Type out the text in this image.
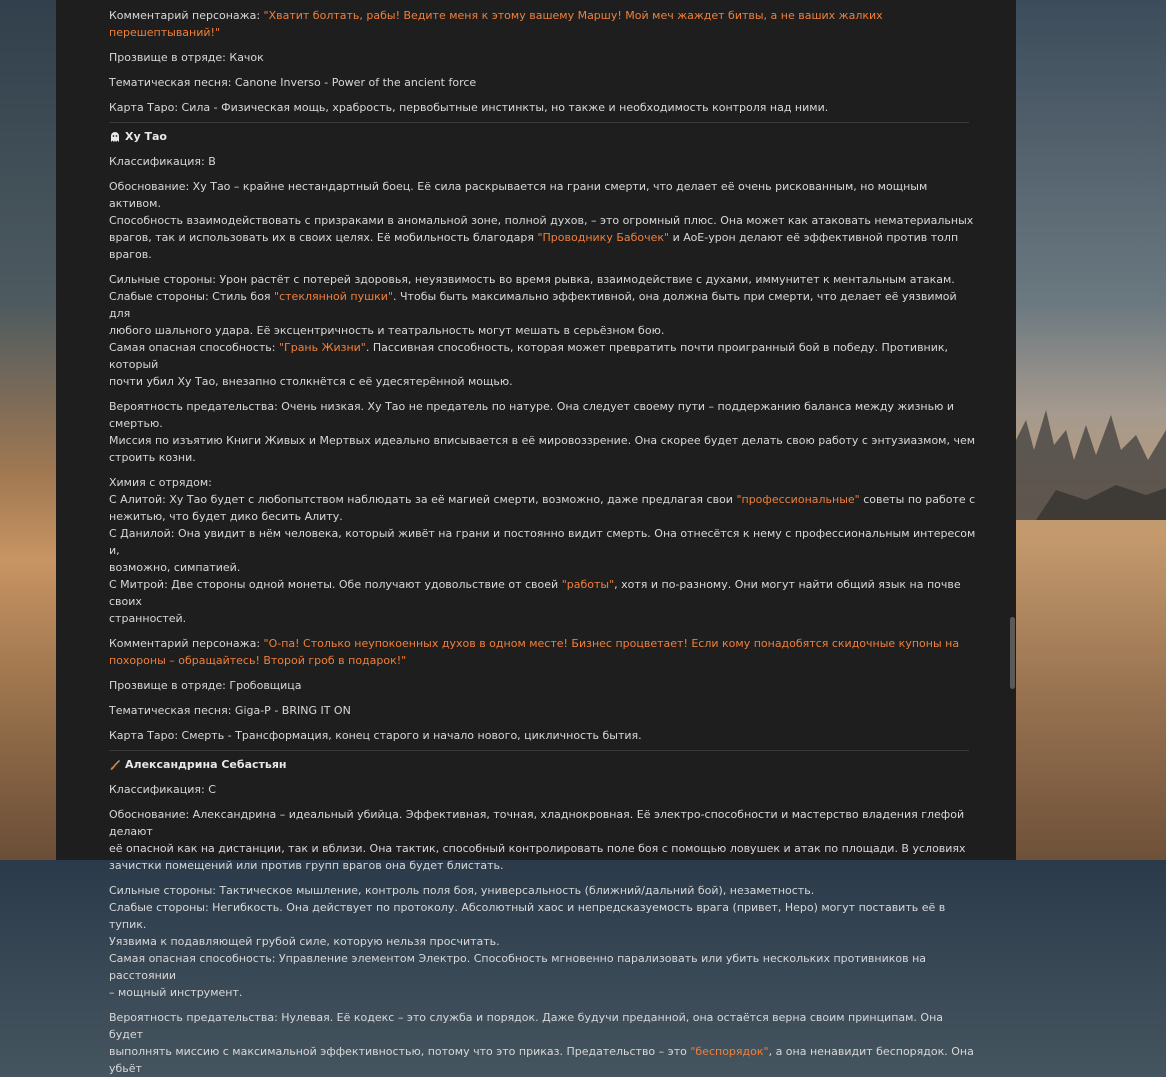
Комментарий персонажа: "Хватит болтать, рабы! Ведите меня к этому вашему Маршу! Мой меч жаждет битвы, а не ваших жалких перешептываний!"

Прозвище в отряде: Качок

Тематическая песня: Canone Inverso - Power of the ancient force

Карта Таро: Сила - Физическая мощь, храбрость, первобытные инстинкты, но также и необходимость контроля над ними.

Ху Тао

Классификация: B

Обоснование: Ху Тао – крайне нестандартный боец. Её сила раскрывается на грани смерти, что делает её очень рискованным, но мощным активом.
Способность взаимодействовать с призраками в аномальной зоне, полной духов, – это огромный плюс. Она может как атаковать нематериальных
врагов, так и использовать их в своих целях. Её мобильность благодаря "Проводнику Бабочек" и AoE-урон делают её эффективной против толп врагов.

Сильные стороны: Урон растёт с потерей здоровья, неуязвимость во время рывка, взаимодействие с духами, иммунитет к ментальным атакам.
Слабые стороны: Стиль боя "стеклянной пушки". Чтобы быть максимально эффективной, она должна быть при смерти, что делает её уязвимой для
любого шального удара. Её эксцентричность и театральность могут мешать в серьёзном бою.
Самая опасная способность: "Грань Жизни". Пассивная способность, которая может превратить почти проигранный бой в победу. Противник, который
почти убил Ху Тао, внезапно столкнётся с её удесятерённой мощью.

Вероятность предательства: Очень низкая. Ху Тао не предатель по натуре. Она следует своему пути – поддержанию баланса между жизнью и смертью.
Миссия по изъятию Книги Живых и Мертвых идеально вписывается в её мировоззрение. Она скорее будет делать свою работу с энтузиазмом, чем
строить козни.

Химия с отрядом:
С Алитой: Ху Тао будет с любопытством наблюдать за её магией смерти, возможно, даже предлагая свои "профессиональные" советы по работе с
нежитью, что будет дико бесить Алиту.
С Данилой: Она увидит в нём человека, который живёт на грани и постоянно видит смерть. Она отнесётся к нему с профессиональным интересом и,
возможно, симпатией.
С Митрой: Две стороны одной монеты. Обе получают удовольствие от своей "работы", хотя и по-разному. Они могут найти общий язык на почве своих
странностей.

Комментарий персонажа: "О-па! Столько неупокоенных духов в одном месте! Бизнес процветает! Если кому понадобятся скидочные купоны на
похороны – обращайтесь! Второй гроб в подарок!"

Прозвище в отряде: Гробовщица

Тематическая песня: Giga-P - BRING IT ON

Карта Таро: Смерть - Трансформация, конец старого и начало нового, цикличность бытия.

Александрина Себастьян

Классификация: C

Обоснование: Александрина – идеальный убийца. Эффективная, точная, хладнокровная. Её электро-способности и мастерство владения глефой делают
её опасной как на дистанции, так и вблизи. Она тактик, способный контролировать поле боя с помощью ловушек и атак по площади. В условиях
зачистки помещений или против групп врагов она будет блистать.

Сильные стороны: Тактическое мышление, контроль поля боя, универсальность (ближний/дальний бой), незаметность.
Слабые стороны: Негибкость. Она действует по протоколу. Абсолютный хаос и непредсказуемость врага (привет, Неро) могут поставить её в тупик.
Уязвима к подавляющей грубой силе, которую нельзя просчитать.
Самая опасная способность: Управление элементом Электро. Способность мгновенно парализовать или убить нескольких противников на расстоянии
– мощный инструмент.

Вероятность предательства: Нулевая. Её кодекс – это служба и порядок. Даже будучи преданной, она остаётся верна своим принципам. Она будет
выполнять миссию с максимальной эффективностью, потому что это приказ. Предательство – это "беспорядок", а она ненавидит беспорядок. Она убьёт
